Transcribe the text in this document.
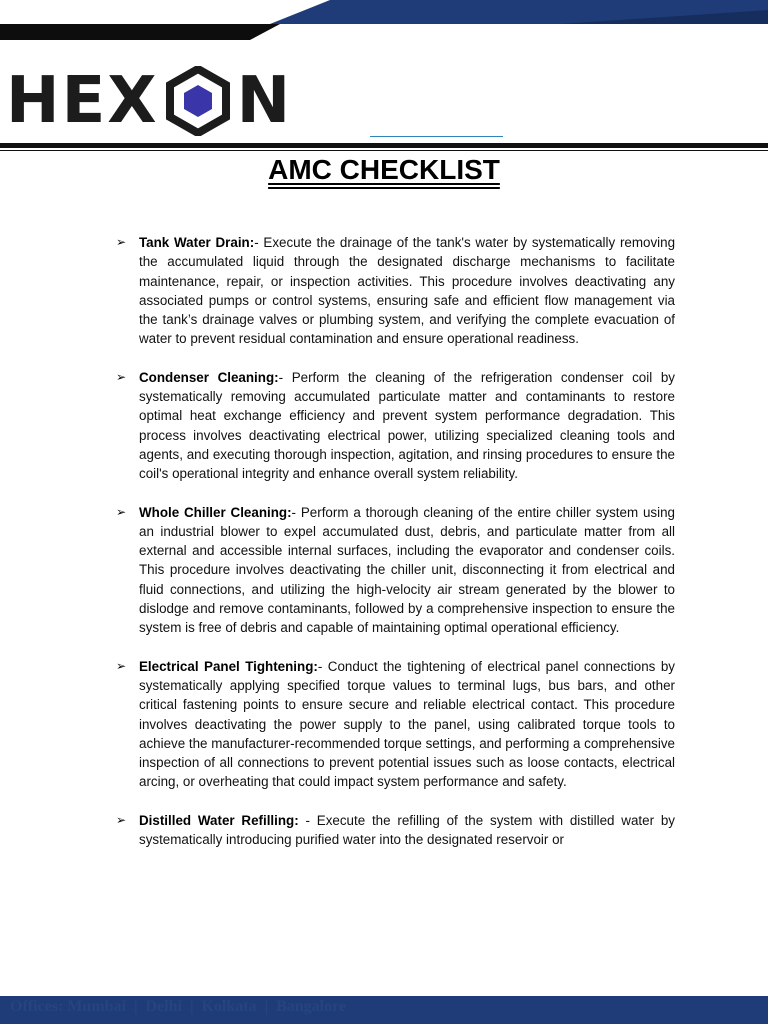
HEX N
AMC CHECKLIST
➢ Tank Water Drain:- Execute the drainage of the tank's water by systematically removing the accumulated liquid through the designated discharge mechanisms to facilitate maintenance, repair, or inspection activities. This procedure involves deactivating any associated pumps or control systems, ensuring safe and efficient flow management via the tank’s drainage valves or plumbing system, and verifying the complete evacuation of water to prevent residual contamination and ensure operational readiness.
➢ Condenser Cleaning:- Perform the cleaning of the refrigeration condenser coil by systematically removing accumulated particulate matter and contaminants to restore optimal heat exchange efficiency and prevent system performance degradation. This process involves deactivating electrical power, utilizing specialized cleaning tools and agents, and executing thorough inspection, agitation, and rinsing procedures to ensure the coil's operational integrity and enhance overall system reliability.
➢ Whole Chiller Cleaning:- Perform a thorough cleaning of the entire chiller system using an industrial blower to expel accumulated dust, debris, and particulate matter from all external and accessible internal surfaces, including the evaporator and condenser coils. This procedure involves deactivating the chiller unit, disconnecting it from electrical and fluid connections, and utilizing the high-velocity air stream generated by the blower to dislodge and remove contaminants, followed by a comprehensive inspection to ensure the system is free of debris and capable of maintaining optimal operational efficiency.
➢ Electrical Panel Tightening:- Conduct the tightening of electrical panel connections by systematically applying specified torque values to terminal lugs, bus bars, and other critical fastening points to ensure secure and reliable electrical contact. This procedure involves deactivating the power supply to the panel, using calibrated torque tools to achieve the manufacturer-recommended torque settings, and performing a comprehensive inspection of all connections to prevent potential issues such as loose contacts, electrical arcing, or overheating that could impact system performance and safety.
➢ Distilled Water Refilling: - Execute the refilling of the system with distilled water by systematically introducing purified water into the designated reservoir or
Offices: Mumbai  |  Delhi  |  Kolkata  |  Bangalore
